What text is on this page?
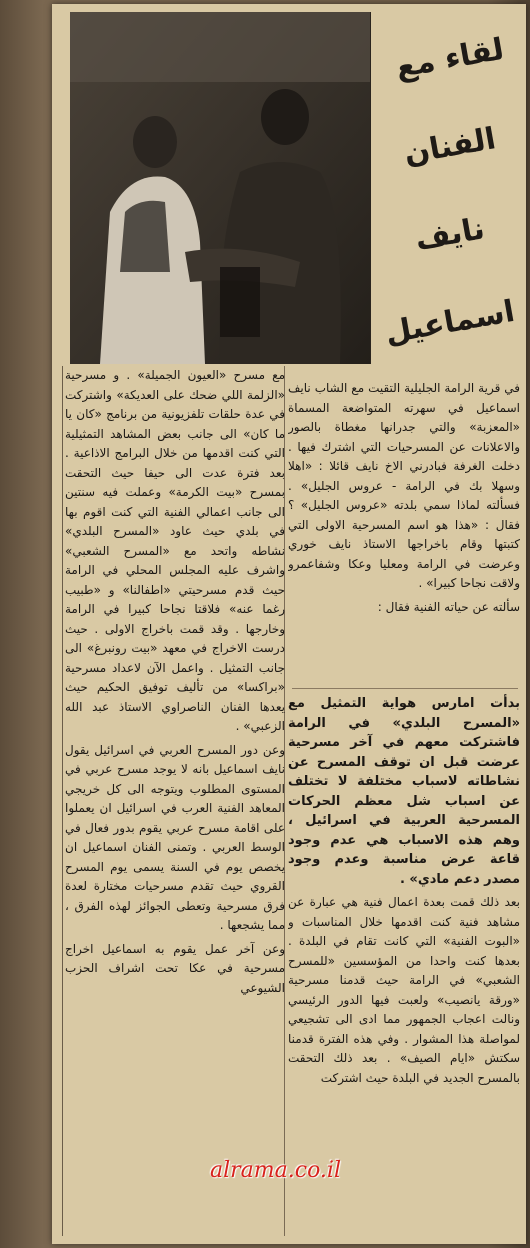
لقاء مع
الفنان
نايف
اسماعيل

في قرية الرامة الجليلية التقيت مع الشاب نايف اسماعيل في سهرته المتواضعة المسماة «المعزبة» والتي جدرانها مغطاة بالصور والاعلانات عن المسرحيات التي اشترك فيها . دخلت الغرفة فبادرني الاخ نايف قائلا : «اهلا وسهلا بك في الرامة - عروس الجليل» . فسألته لماذا سمي بلدته «عروس الجليل» ؟ فقال : «هذا هو اسم المسرحية الاولى التي كتبتها وقام باخراجها الاستاذ نايف خوري وعرضت في الرامة ومعليا وعكا وشفاعمرو ولاقت نجاحا كبيرا» .

سألته عن حياته الفنية فقال :

بدأت امارس هواية التمثيل مع «المسرح البلدي» في الرامة فاشتركت معهم في آخر مسرحية عرضت قبل ان توقف المسرح عن نشاطاته لاسباب مختلفة لا تختلف عن اسباب شل معظم الحركات المسرحية العربية في اسرائيل ، وهم هذه الاسباب هي عدم وجود قاعة عرض مناسبة وعدم وجود مصدر دعم مادي» .

بعد ذلك قمت بعدة اعمال فنية هي عبارة عن مشاهد فنية كنت اقدمها خلال المناسبات و «البوت الفنية» التي كانت تقام في البلدة . بعدها كنت واحدا من المؤسسين «للمسرح الشعبي» في الرامة حيث قدمنا مسرحية «ورقة يانصيب» ولعبت فيها الدور الرئيسي ونالت اعجاب الجمهور مما ادى الى تشجيعي لمواصلة هذا المشوار . وفي هذه الفترة قدمنا سكتش «ايام الصيف» . بعد ذلك التحقت بالمسرح الجديد في البلدة حيث اشتركت

مع مسرح «العيون الجميلة» . و مسرحية «الزلمة اللي ضحك على العديكة» واشتركت في عدة حلقات تلفزيونية من برنامج «كان يا ما كان» الى جانب بعض المشاهد التمثيلية التي كنت اقدمها من خلال البرامج الاذاعية . بعد فترة عدت الى حيفا حيث التحقت بمسرح «بيت الكرمة» وعملت فيه سنتين الى جانب اعمالي الفنية التي كنت اقوم بها في بلدي حيث عاود «المسرح البلدي» نشاطه واتحد مع «المسرح الشعبي» واشرف عليه المجلس المحلي في الرامة حيث قدم مسرحيتي «اطفالنا» و «طبيب رغما عنه» فلاقتا نجاحا كبيرا في الرامة وخارجها . وقد قمت باخراج الاولى . حيث درست الاخراج في معهد «بيت رونبرغ» الى جانب التمثيل . واعمل الآن لاعداد مسرحية «براكسا» من تأليف توفيق الحكيم حيث يعدها الفنان الناصراوي الاستاذ عبد الله الزعبي» .

وعن دور المسرح العربي في اسرائيل يقول نايف اسماعيل بانه لا يوجد مسرح عربي في المستوى المطلوب ويتوجه الى كل خريجي المعاهد الفنية العرب في اسرائيل ان يعملوا على اقامة مسرح عربي يقوم بدور فعال في الوسط العربي . وتمنى الفنان اسماعيل ان يخصص يوم في السنة يسمى يوم المسرح القروي حيث تقدم مسرحيات مختارة لعدة فرق مسرحية وتعطى الجوائز لهذه الفرق ، مما يشجعها .

وعن آخر عمل يقوم به اسماعيل اخراج مسرحية في عكا تحت اشراف الحزب الشيوعي

alrama.co.il
